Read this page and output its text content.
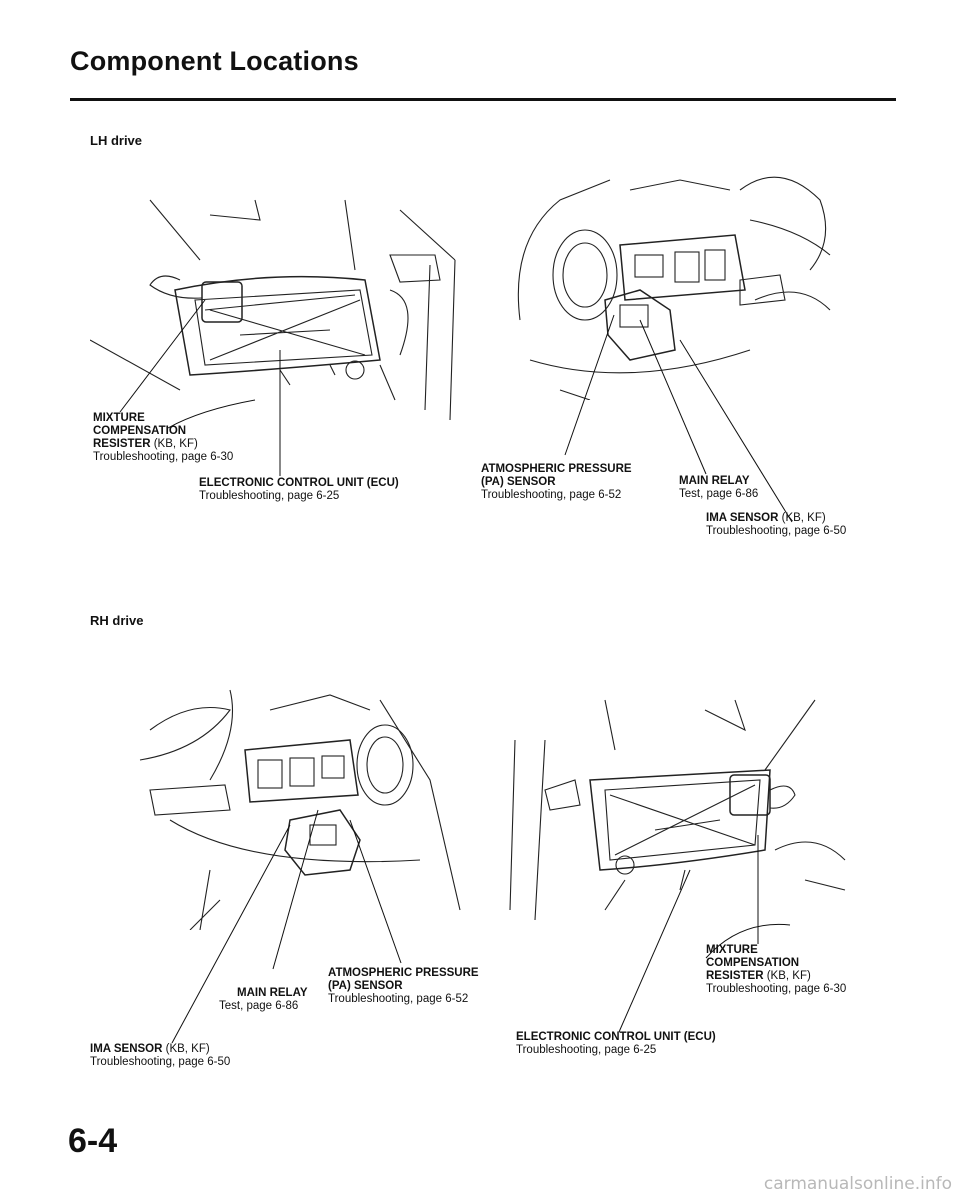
Component Locations
LH drive
RH drive
MIXTURE
COMPENSATION
RESISTER (KB, KF)
Troubleshooting, page 6-30
ELECTRONIC CONTROL UNIT (ECU)
Troubleshooting, page 6-25
ATMOSPHERIC PRESSURE
(PA) SENSOR
Troubleshooting, page 6-52
MAIN RELAY
Test, page 6-86
IMA SENSOR (KB, KF)
Troubleshooting, page 6-50
MAIN RELAY
Test, page 6-86
ATMOSPHERIC PRESSURE
(PA) SENSOR
Troubleshooting, page 6-52
IMA SENSOR (KB, KF)
Troubleshooting, page 6-50
MIXTURE
COMPENSATION
RESISTER (KB, KF)
Troubleshooting, page 6-30
ELECTRONIC CONTROL UNIT (ECU)
Troubleshooting, page 6-25
6-4
carmanualsonline.info
